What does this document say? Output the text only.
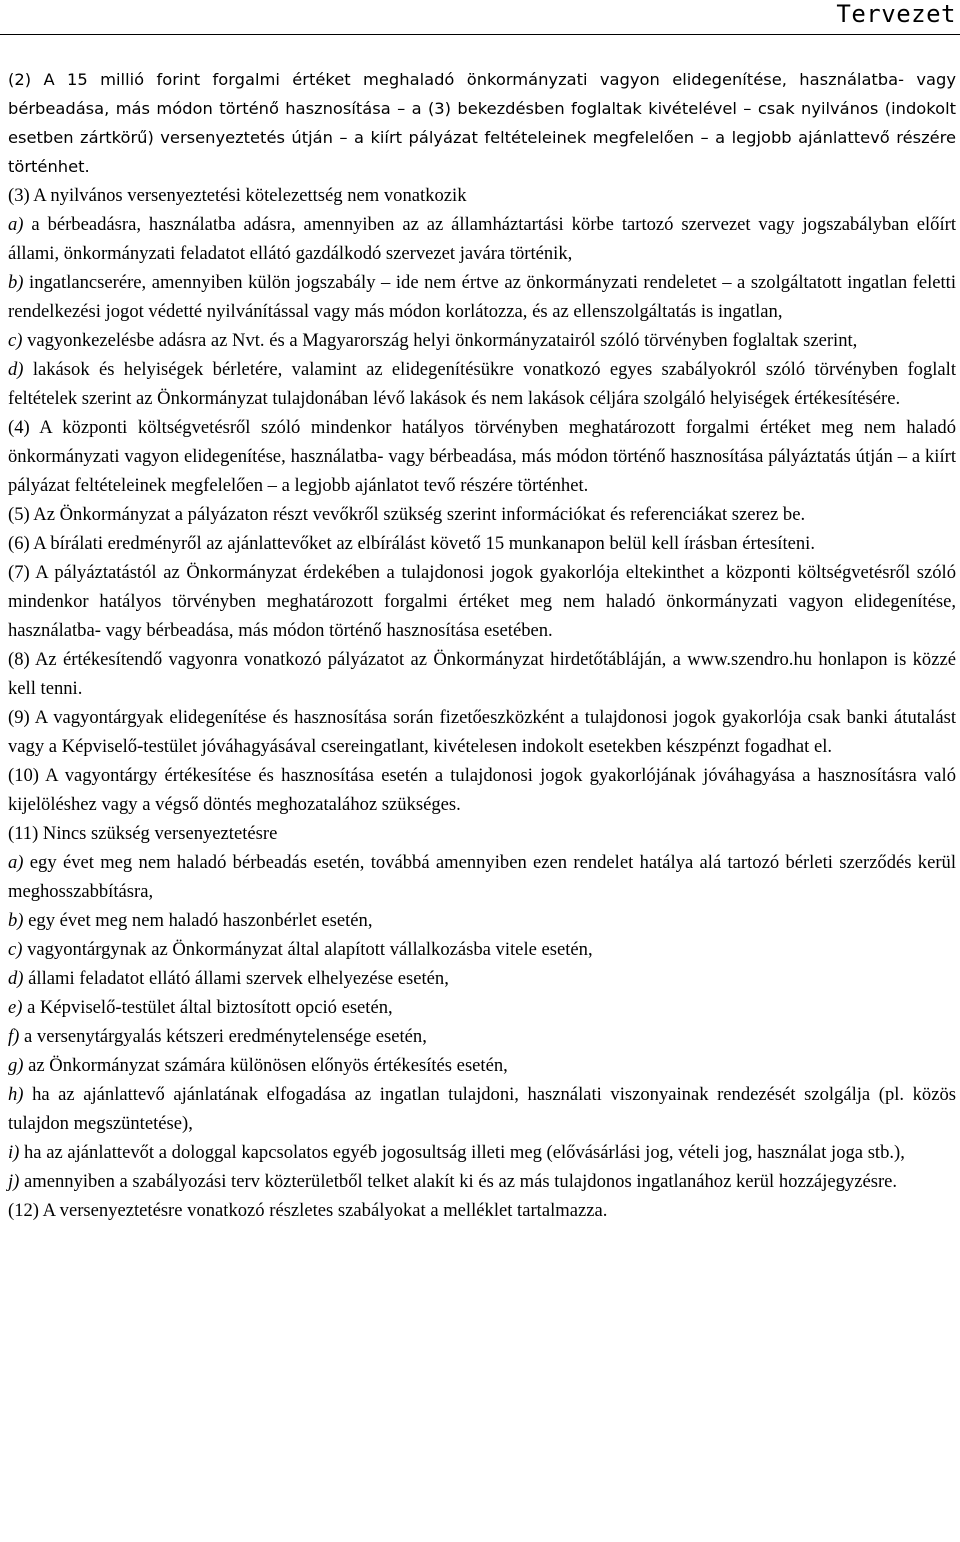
Tervezet

(2) A 15 millió forint forgalmi értéket meghaladó önkormányzati vagyon elidegenítése, használatba- vagy bérbeadása, más módon történő hasznosítása – a (3) bekezdésben foglaltak kivételével – csak nyilvános (indokolt esetben zártkörű) versenyeztetés útján – a kiírt pályázat feltételeinek megfelelően – a legjobb ajánlattevő részére történhet.

(3) A nyilvános versenyeztetési kötelezettség nem vonatkozik

a) a bérbeadásra, használatba adásra, amennyiben az az államháztartási körbe tartozó szervezet vagy jogszabályban előírt állami, önkormányzati feladatot ellátó gazdálkodó szervezet javára történik,

b) ingatlancserére, amennyiben külön jogszabály – ide nem értve az önkormányzati rendeletet – a szolgáltatott ingatlan feletti rendelkezési jogot védetté nyilvánítással vagy más módon korlátozza, és az ellenszolgáltatás is ingatlan,

c) vagyonkezelésbe adásra az Nvt. és a Magyarország helyi önkormányzatairól szóló törvényben foglaltak szerint,

d) lakások és helyiségek bérletére, valamint az elidegenítésükre vonatkozó egyes szabályokról szóló törvényben foglalt feltételek szerint az Önkormányzat tulajdonában lévő lakások és nem lakások céljára szolgáló helyiségek értékesítésére.

(4) A központi költségvetésről szóló mindenkor hatályos törvényben meghatározott forgalmi értéket meg nem haladó önkormányzati vagyon elidegenítése, használatba- vagy bérbeadása, más módon történő hasznosítása pályáztatás útján – a kiírt pályázat feltételeinek megfelelően – a legjobb ajánlatot tevő részére történhet.

(5) Az Önkormányzat a pályázaton részt vevőkről szükség szerint információkat és referenciákat szerez be.

(6) A bírálati eredményről az ajánlattevőket az elbírálást követő 15 munkanapon belül kell írásban értesíteni.

(7) A pályáztatástól az Önkormányzat érdekében a tulajdonosi jogok gyakorlója eltekinthet a központi költségvetésről szóló mindenkor hatályos törvényben meghatározott forgalmi értéket meg nem haladó önkormányzati vagyon elidegenítése, használatba- vagy bérbeadása, más módon történő hasznosítása esetében.

(8) Az értékesítendő vagyonra vonatkozó pályázatot az Önkormányzat hirdetőtábláján, a www.szendro.hu honlapon is közzé kell tenni.

(9) A vagyontárgyak elidegenítése és hasznosítása során fizetőeszközként a tulajdonosi jogok gyakorlója csak banki átutalást vagy a Képviselő-testület jóváhagyásával csereingatlant, kivételesen indokolt esetekben készpénzt fogadhat el.

(10) A vagyontárgy értékesítése és hasznosítása esetén a tulajdonosi jogok gyakorlójának jóváhagyása a hasznosításra való kijelöléshez vagy a végső döntés meghozatalához szükséges.

(11) Nincs szükség versenyeztetésre

a) egy évet meg nem haladó bérbeadás esetén, továbbá amennyiben ezen rendelet hatálya alá tartozó bérleti szerződés kerül meghosszabbításra,

b) egy évet meg nem haladó haszonbérlet esetén,

c) vagyontárgynak az Önkormányzat által alapított vállalkozásba vitele esetén,

d) állami feladatot ellátó állami szervek elhelyezése esetén,

e) a Képviselő-testület által biztosított opció esetén,

f) a versenytárgyalás kétszeri eredménytelensége esetén,

g) az Önkormányzat számára különösen előnyös értékesítés esetén,

h) ha az ajánlattevő ajánlatának elfogadása az ingatlan tulajdoni, használati viszonyainak rendezését szolgálja (pl. közös tulajdon megszüntetése),

i) ha az ajánlattevőt a dologgal kapcsolatos egyéb jogosultság illeti meg (elővásárlási jog, vételi jog, használat joga stb.),

j) amennyiben a szabályozási terv közterületből telket alakít ki és az más tulajdonos ingatlanához kerül hozzájegyzésre.

(12) A versenyeztetésre vonatkozó részletes szabályokat a melléklet tartalmazza.
